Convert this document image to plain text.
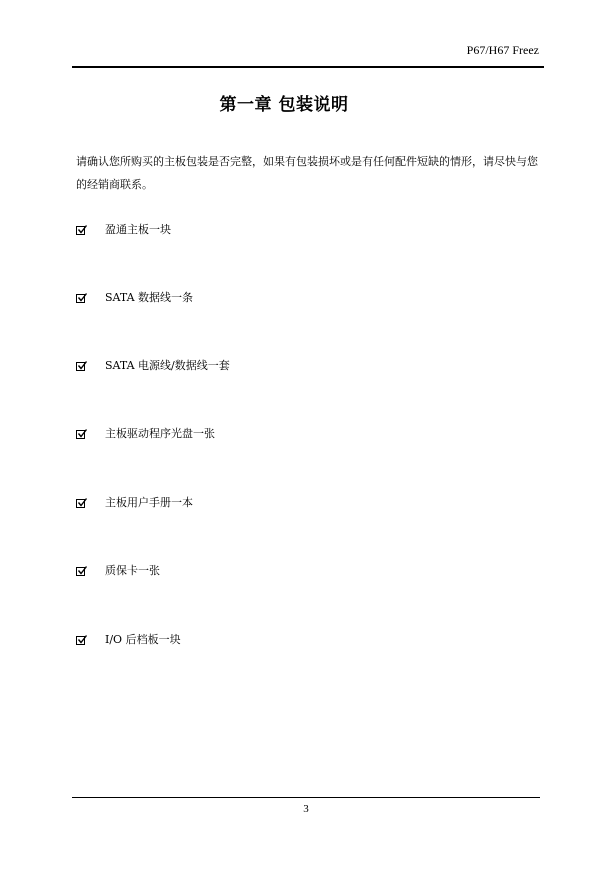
P67/H67 Freez
第一章 包装说明
请确认您所购买的主板包装是否完整，如果有包装损坏或是有任何配件短缺的情形，请尽快与您的经销商联系。
盈通主板一块
SATA 数据线一条
SATA 电源线/数据线一套
主板驱动程序光盘一张
主板用户手册一本
质保卡一张
I/O 后档板一块
3
